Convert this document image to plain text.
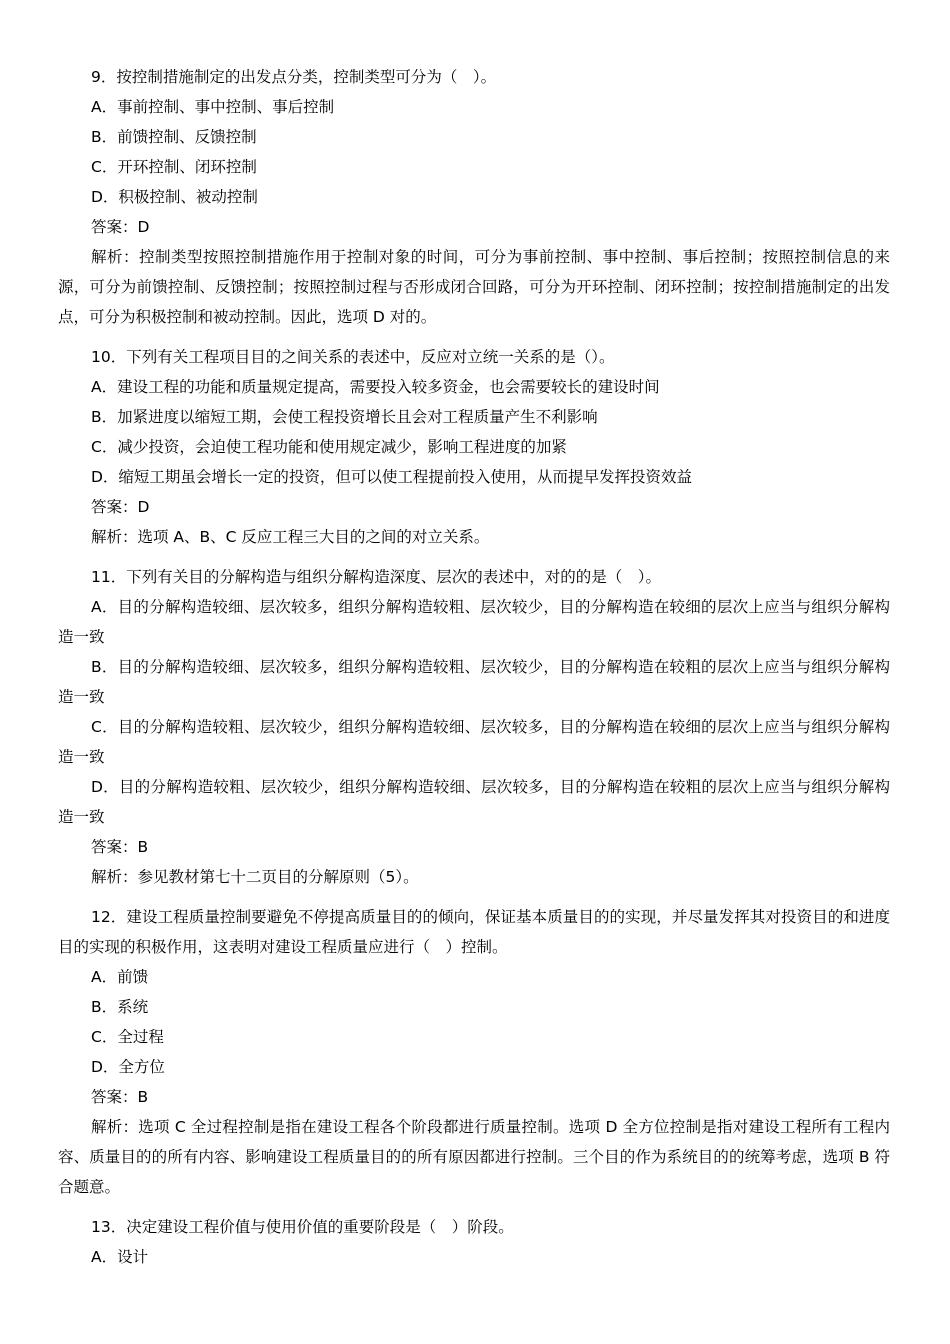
9．按控制措施制定的出发点分类，控制类型可分为（　）。
A．事前控制、事中控制、事后控制
B．前馈控制、反馈控制
C．开环控制、闭环控制
D．积极控制、被动控制
答案：D

解析：控制类型按照控制措施作用于控制对象的时间，可分为事前控制、事中控制、事后控制；按照控制信息的来源，可分为前馈控制、反馈控制；按照控制过程与否形成闭合回路，可分为开环控制、闭环控制；按控制措施制定的出发点，可分为积极控制和被动控制。因此，选项 D 对的。

10．下列有关工程项目目的之间关系的表述中，反应对立统一关系的是（）。
A．建设工程的功能和质量规定提高，需要投入较多资金，也会需要较长的建设时间
B．加紧进度以缩短工期，会使工程投资增长且会对工程质量产生不利影响
C．减少投资，会迫使工程功能和使用规定减少，影响工程进度的加紧
D．缩短工期虽会增长一定的投资，但可以使工程提前投入使用，从而提早发挥投资效益
答案：D

解析：选项 A、B、C 反应工程三大目的之间的对立关系。

11．下列有关目的分解构造与组织分解构造深度、层次的表述中，对的的是（　）。

A．目的分解构造较细、层次较多，组织分解构造较粗、层次较少，目的分解构造在较细的层次上应当与组织分解构造一致

B．目的分解构造较细、层次较多，组织分解构造较粗、层次较少，目的分解构造在较粗的层次上应当与组织分解构造一致

C．目的分解构造较粗、层次较少，组织分解构造较细、层次较多，目的分解构造在较细的层次上应当与组织分解构造一致

D．目的分解构造较粗、层次较少，组织分解构造较细、层次较多，目的分解构造在较粗的层次上应当与组织分解构造一致

答案：B

解析：参见教材第七十二页目的分解原则（5）。

12．建设工程质量控制要避免不停提高质量目的的倾向，保证基本质量目的的实现，并尽量发挥其对投资目的和进度目的实现的积极作用，这表明对建设工程质量应进行（　）控制。

A．前馈
B．系统
C．全过程
D．全方位
答案：B

解析：选项 C 全过程控制是指在建设工程各个阶段都进行质量控制。选项 D 全方位控制是指对建设工程所有工程内容、质量目的的所有内容、影响建设工程质量目的的所有原因都进行控制。三个目的作为系统目的的统筹考虑，选项 B 符合题意。

13．决定建设工程价值与使用价值的重要阶段是（　）阶段。
A．设计
